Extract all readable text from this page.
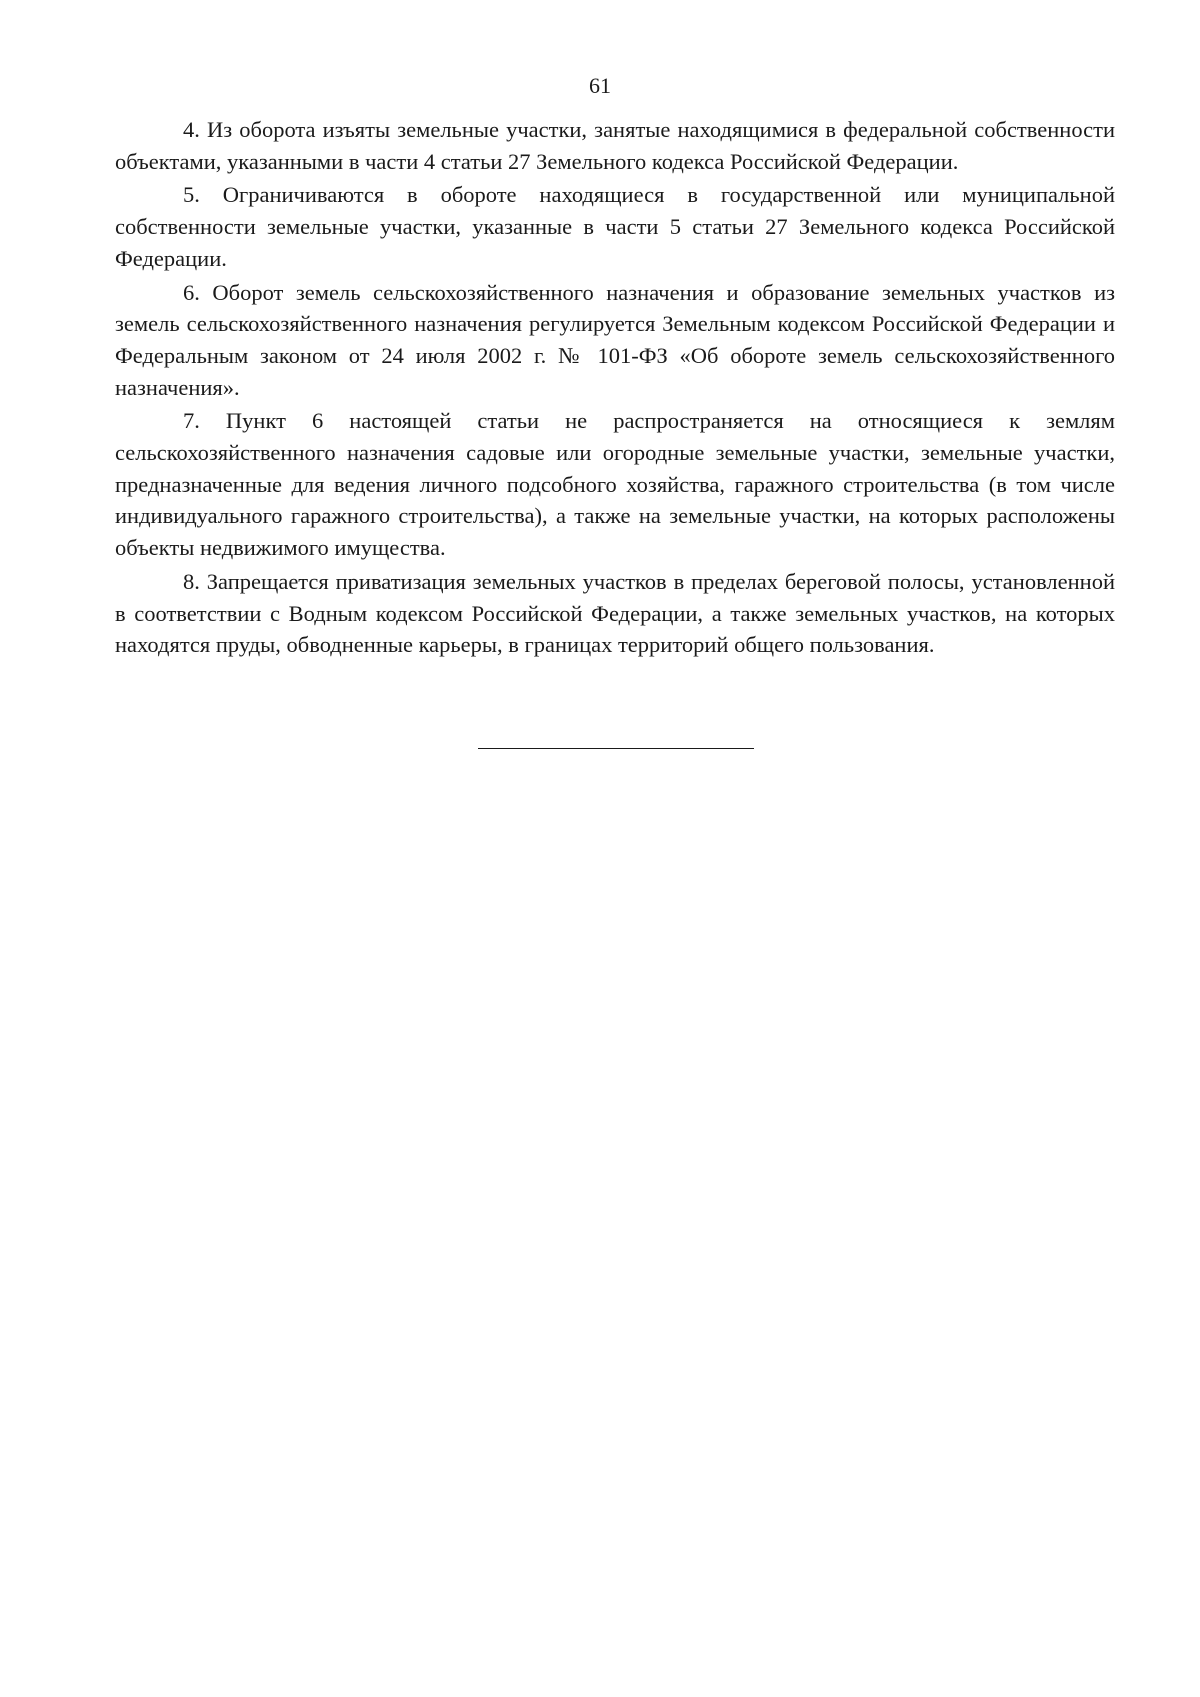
61

4. Из оборота изъяты земельные участки, занятые находящимися в федеральной собственности объектами, указанными в части 4 статьи 27 Земельного кодекса Российской Федерации.

5. Ограничиваются в обороте находящиеся в государственной или муниципальной собственности земельные участки, указанные в части 5 статьи 27 Земельного кодекса Российской Федерации.

6. Оборот земель сельскохозяйственного назначения и образование земельных участков из земель сельскохозяйственного назначения регулируется Земельным кодексом Российской Федерации и Федеральным законом от 24 июля 2002 г. № 101-ФЗ «Об обороте земель сельскохозяйственного назначения».

7. Пункт 6 настоящей статьи не распространяется на относящиеся к землям сельскохозяйственного назначения садовые или огородные земельные участки, земельные участки, предназначенные для ведения личного подсобного хозяйства, гаражного строительства (в том числе индивидуального гаражного строительства), а также на земельные участки, на которых расположены объекты недвижимого имущества.

8. Запрещается приватизация земельных участков в пределах береговой полосы, установленной в соответствии с Водным кодексом Российской Федерации, а также земельных участков, на которых находятся пруды, обводненные карьеры, в границах территорий общего пользования.
